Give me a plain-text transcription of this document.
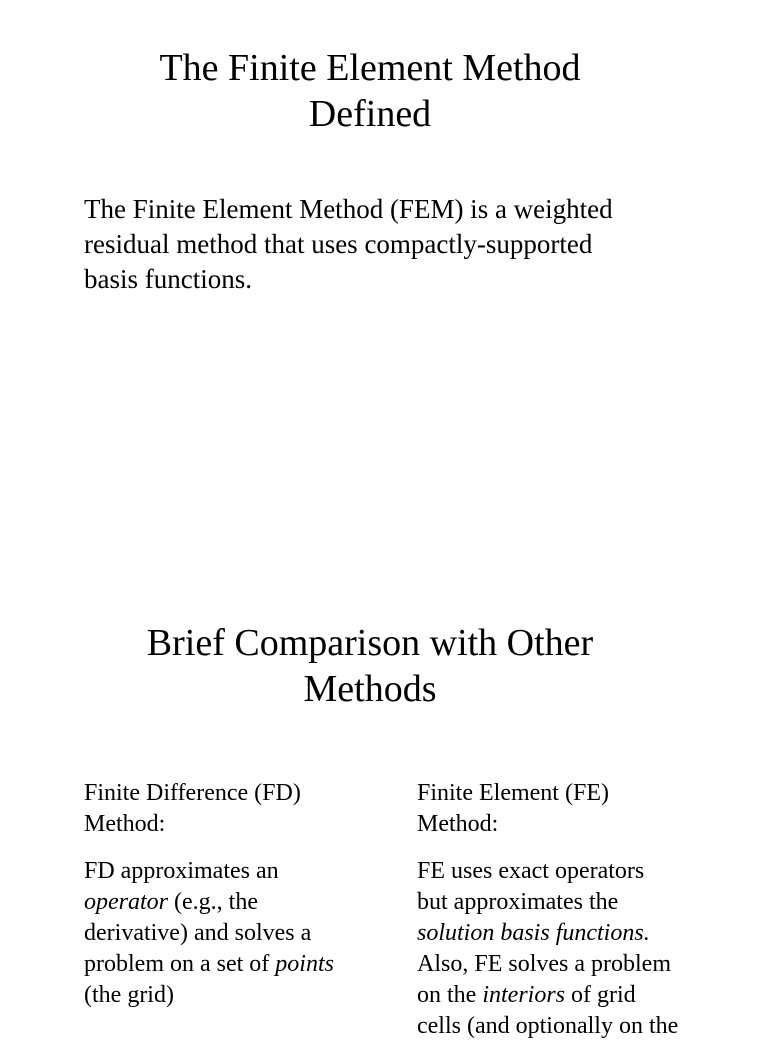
The Finite Element Method
Defined

The Finite Element Method (FEM) is a weighted
residual method that uses compactly-supported
basis functions.

Brief Comparison with Other
Methods

Finite Difference (FD)
Method:

FD approximates an
operator (e.g., the
derivative) and solves a
problem on a set of points
(the grid)

Finite Element (FE)
Method:

FE uses exact operators
but approximates the
solution basis functions.
Also, FE solves a problem
on the interiors of grid
cells (and optionally on the
